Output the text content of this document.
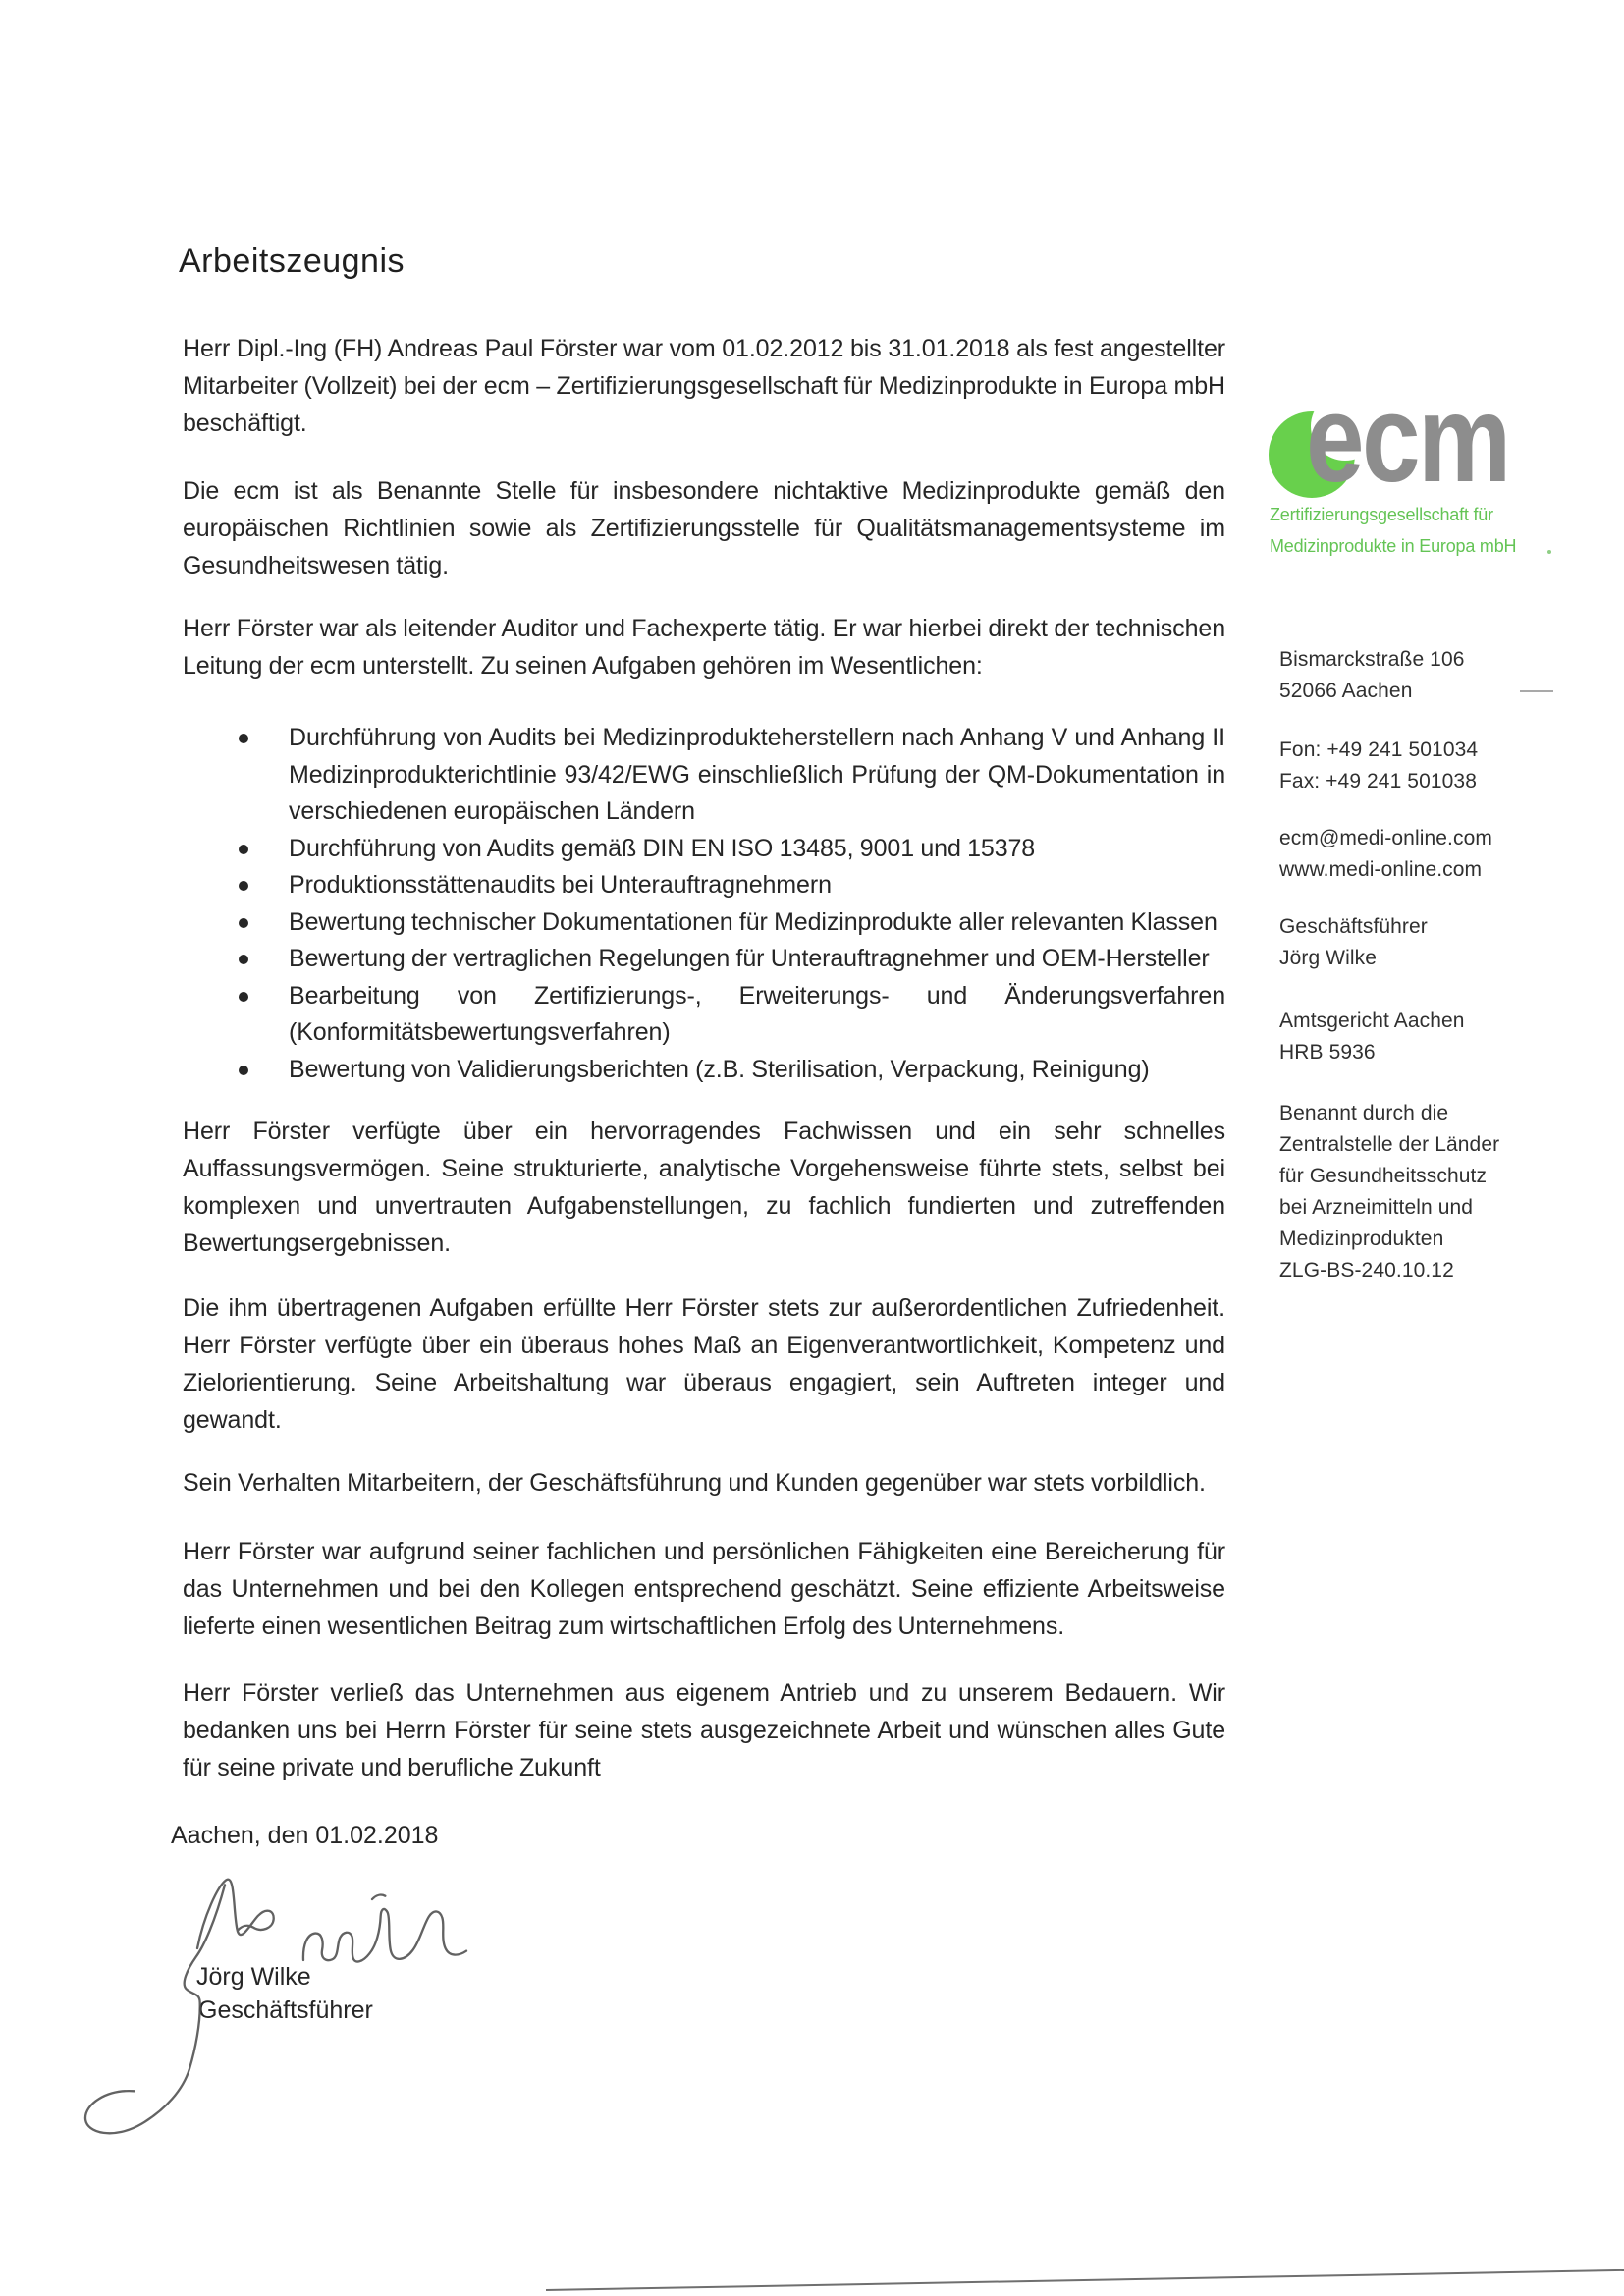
Arbeitszeugnis

Herr Dipl.-Ing (FH) Andreas Paul Förster war vom 01.02.2012 bis 31.01.2018 als fest angestellter Mitarbeiter (Vollzeit) bei der ecm – Zertifizierungsgesellschaft für Medizinprodukte in Europa mbH beschäftigt.

Die ecm ist als Benannte Stelle für insbesondere nichtaktive Medizinprodukte gemäß den europäischen Richtlinien sowie als Zertifizierungsstelle für Qualitätsmanagementsysteme im Gesundheitswesen tätig.

Herr Förster war als leitender Auditor und Fachexperte tätig. Er war hierbei direkt der technischen Leitung der ecm unterstellt. Zu seinen Aufgaben gehören im Wesentlichen:

Durchführung von Audits bei Medizinprodukteherstellern nach Anhang V und Anhang II Medizinprodukterichtlinie 93/42/EWG einschließlich Prüfung der QM-Dokumentation in verschiedenen europäischen Ländern
Durchführung von Audits gemäß DIN EN ISO 13485, 9001 und 15378
Produktionsstättenaudits bei Unterauftragnehmern
Bewertung technischer Dokumentationen für Medizinprodukte aller relevanten Klassen
Bewertung der vertraglichen Regelungen für Unterauftragnehmer und OEM-Hersteller
Bearbeitung von Zertifizierungs-, Erweiterungs- und Änderungsverfahren (Konformitätsbewertungsverfahren)
Bewertung von Validierungsberichten (z.B. Sterilisation, Verpackung, Reinigung)

Herr Förster verfügte über ein hervorragendes Fachwissen und ein sehr schnelles Auffassungsvermögen. Seine strukturierte, analytische Vorgehensweise führte stets, selbst bei komplexen und unvertrauten Aufgabenstellungen, zu fachlich fundierten und zutreffenden Bewertungsergebnissen.

Die ihm übertragenen Aufgaben erfüllte Herr Förster stets zur außerordentlichen Zufriedenheit. Herr Förster verfügte über ein überaus hohes Maß an Eigenverantwortlichkeit, Kompetenz und Zielorientierung. Seine Arbeitshaltung war überaus engagiert, sein Auftreten integer und gewandt.

Sein Verhalten Mitarbeitern, der Geschäftsführung und Kunden gegenüber war stets vorbildlich.

Herr Förster war aufgrund seiner fachlichen und persönlichen Fähigkeiten eine Bereicherung für das Unternehmen und bei den Kollegen entsprechend geschätzt. Seine effiziente Arbeitsweise lieferte einen wesentlichen Beitrag zum wirtschaftlichen Erfolg des Unternehmens.

Herr Förster verließ das Unternehmen aus eigenem Antrieb und zu unserem Bedauern. Wir bedanken uns bei Herrn Förster für seine stets ausgezeichnete Arbeit und wünschen alles Gute für seine private und berufliche Zukunft

Aachen, den 01.02.2018
Jörg Wilke
Geschäftsführer
ecm
Zertifizierungsgesellschaft für
Medizinprodukte in Europa mbH
Bismarckstraße 106
52066 Aachen
Fon: +49 241 501034
Fax: +49 241 501038
ecm@medi-online.com
www.medi-online.com
Geschäftsführer
Jörg Wilke
Amtsgericht Aachen
HRB 5936
Benannt durch die
Zentralstelle der Länder
für Gesundheitsschutz
bei Arzneimitteln und
Medizinprodukten
ZLG-BS-240.10.12
